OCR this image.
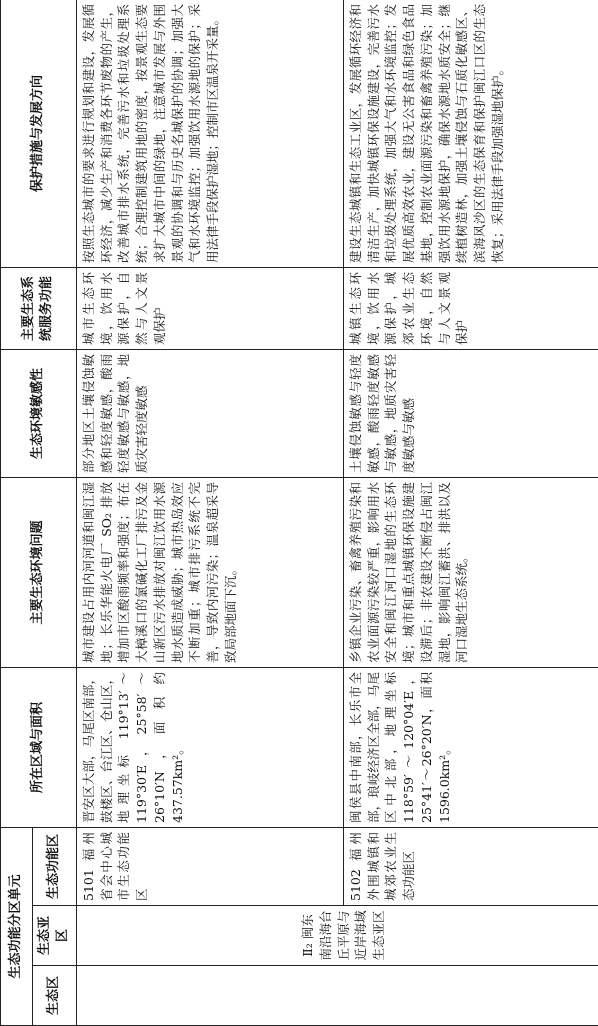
生态功能分区单元			所在区域与面积	主要生态环境问题	生态环境敏感性	主要生态系统服务功能	保护措施与发展方向
生态区	生态亚区	生态功能区					
	Ⅱ₂ 闽东南沿海台丘平原与近岸海域生态亚区	5101 福州省会中心城市生态功能区	晋安区大部，马尾区南部，鼓楼区、台江区、仓山区，地理坐标 119°13′～119°30′E，25°58′～26°10′N，面积约437.57km²。	城市建设占用内河河道和闽江湿地；长乐华能火电厂 SO₂ 排放增加市区酸雨频率和强度；布在大樟溪口的氯碱化工厂排污及金山新区污水排放对闽江饮用水源地水质造成威胁；城市热岛效应不断加重；城市排污系统不完善，导致内河污染；温泉超采导致局部地面下沉。	部分地区土壤侵蚀敏感和轻度敏感，酸雨轻度敏感与敏感，地质灾害轻度敏感	城市生态环境，饮用水源保护，自然与人文景观保护	按照生态城市的要求进行规划和建设，发展循环经济，减少生产和消费各环节废物的产生，改善城市排水系统，完善污水和垃圾处理系统；合理控制建筑用地的密度，按景观生态要求扩大城市中间的绿地，注意城市发展与外围景观的协调和与历史名城保护的协调；加强大气和水环境监控；加强饮用水源地的保护；采用法律手段保护湿地；控制市区温泉开采量。
		5102 福州外围城镇和城郊农业生态功能区	闽侯县中南部，长乐市全部，琅岐经济区全部，马尾区中北部，地理坐标 118°59′～120°04′E，25°41′～26°20′N，面积1596.0km²。	乡镇企业污染、畜禽养殖污染和农业面源污染较严重，影响用水安全和闽江河口湿地的生态环境；城市和重点城镇环保设施建设滞后；非农建设不断侵占闽江湿地，影响闽江蓄洪、排洪以及河口湿地生态系统。	土壤侵蚀敏感与轻度敏感，酸雨轻度敏感与敏感，地质灾害轻度敏感与敏感	城镇生态环境，饮用水源保护，城郊农业生态环境，自然与人文景观保护	建设生态城镇和生态工业区，发展循环经济和清洁生产，加快城镇环保设施建设，完善污水和垃圾处理系统，加强大气和水环境监控；发展优质高效农业，建设无公害食品和绿色食品基地，控制农业面源污染和畜禽养殖污染；加强饮用水源地保护，确保水源地水质安全；继续植树造林，加强土壤侵蚀与石质化敏感区、滨海风沙区的生态保育和保护闽江口区的生态恢复；采用法律手段加强湿地保护。
